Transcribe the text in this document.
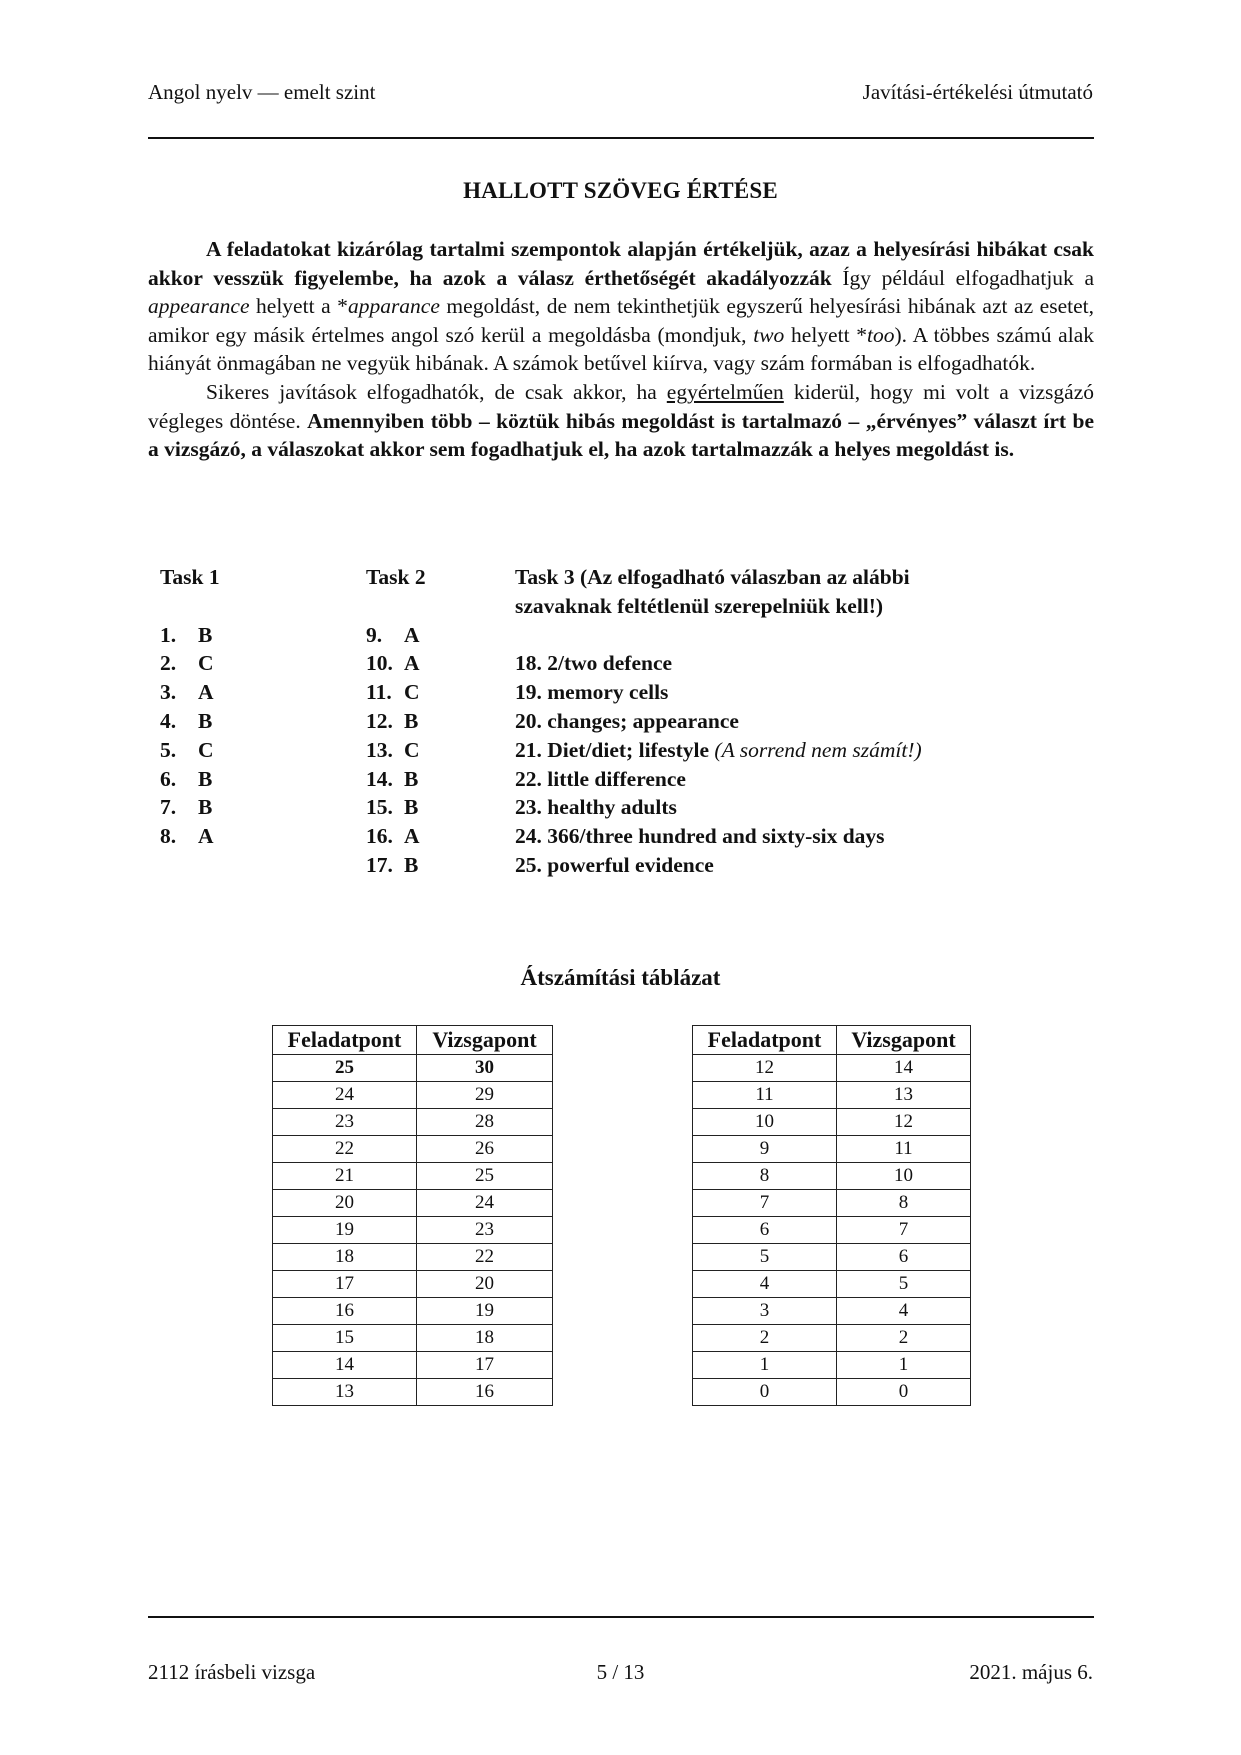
Angol nyelv — emelt szint	Javítási-értékelési útmutató
HALLOTT SZÖVEG ÉRTÉSE

A feladatokat kizárólag tartalmi szempontok alapján értékeljük, azaz a helyesírási hibákat csak akkor vesszük figyelembe, ha azok a válasz érthetőségét akadályozzák Így például elfogadhatjuk a appearance helyett a *apparance megoldást, de nem tekinthetjük egyszerű helyesírási hibának azt az esetet, amikor egy másik értelmes angol szó kerül a megoldásba (mondjuk, two helyett *too). A többes számú alak hiányát önmagában ne vegyük hibának. A számok betűvel kiírva, vagy szám formában is elfogadhatók.

Sikeres javítások elfogadhatók, de csak akkor, ha egyértelműen kiderül, hogy mi volt a vizsgázó végleges döntése. Amennyiben több – köztük hibás megoldást is tartalmazó – „érvényes” választ írt be a vizsgázó, a válaszokat akkor sem fogadhatjuk el, ha azok tartalmazzák a helyes megoldást is.

Task 1
1. B
2. C
3. A
4. B
5. C
6. B
7. B
8. A
Task 2
9. A
10. A
11. C
12. B
13. C
14. B
15. B
16. A
17. B
Task 3 (Az elfogadható válaszban az alábbi
szavaknak feltétlenül szerepelniük kell!)
18. 2/two defence
19. memory cells
20. changes; appearance
21. Diet/diet; lifestyle (A sorrend nem számít!)
22. little difference
23. healthy adults
24. 366/three hundred and sixty-six days
25. powerful evidence
Átszámítási táblázat
Feladatpont	Vizsgapont
25	30
24	29
23	28
22	26
21	25
20	24
19	23
18	22
17	20
16	19
15	18
14	17
13	16
Feladatpont	Vizsgapont
12	14
11	13
10	12
9	11
8	10
7	8
6	7
5	6
4	5
3	4
2	2
1	1
0	0
2112 írásbeli vizsga	5 / 13	2021. május 6.
